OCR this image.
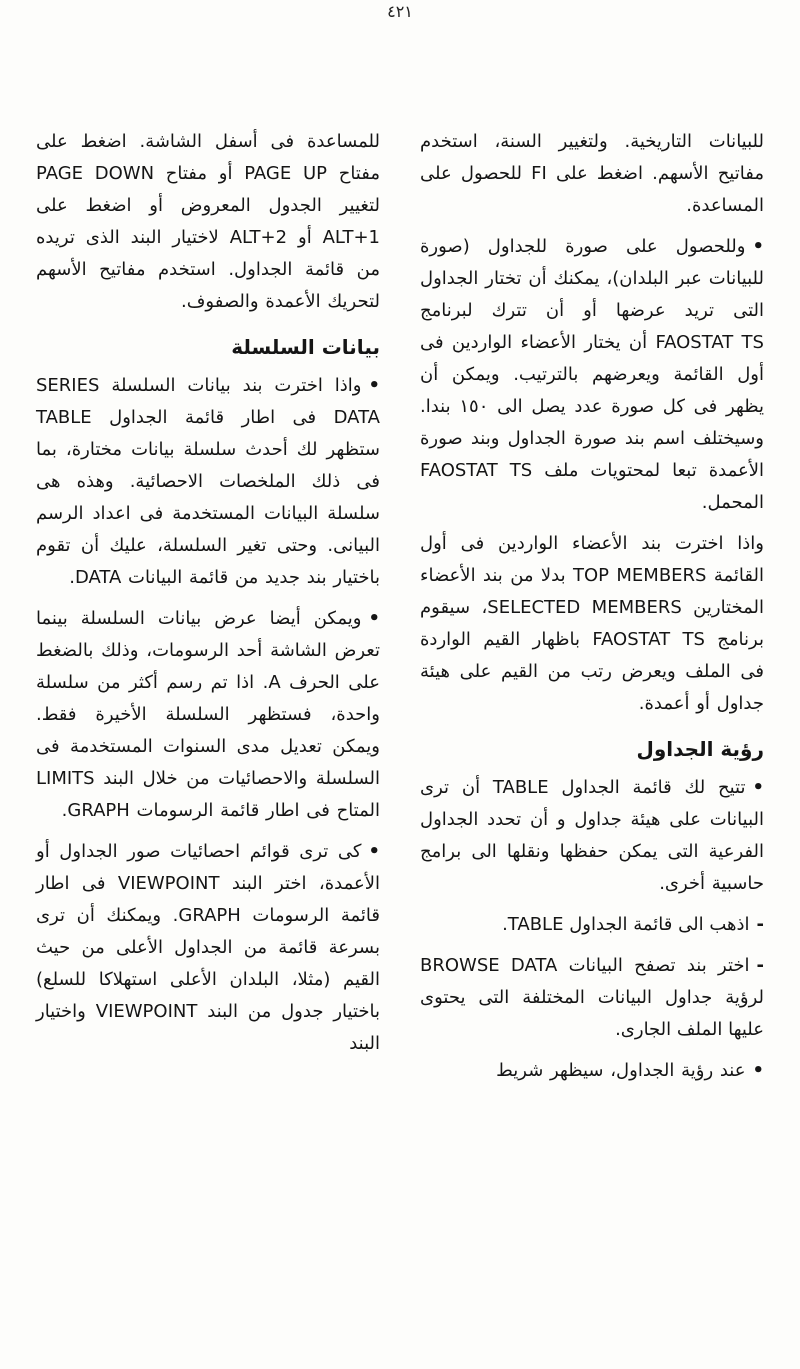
٤٢١

للبيانات التاريخية. ولتغيير السنة، استخدم مفاتيح الأسهم. اضغط على FI للحصول على المساعدة.

•وللحصول على صورة للجداول (صورة للبيانات عبر البلدان)، يمكنك أن تختار الجداول التى تريد عرضها أو أن تترك لبرنامج FAOSTAT TS أن يختار الأعضاء الواردين فى أول القائمة ويعرضهم بالترتيب. ويمكن أن يظهر فى كل صورة عدد يصل الى ١٥٠ بندا. وسيختلف اسم بند صورة الجداول وبند صورة الأعمدة تبعا لمحتويات ملف FAOSTAT TS المحمل.

واذا اخترت بند الأعضاء الواردين فى أول القائمة TOP MEMBERS بدلا من بند الأعضاء المختارين SELECTED MEMBERS، سيقوم برنامج FAOSTAT TS باظهار القيم الواردة فى الملف ويعرض رتب من القيم على هيئة جداول أو أعمدة.

رؤية الجداول

•تتيح لك قائمة الجداول TABLE أن ترى البيانات على هيئة جداول و أن تحدد الجداول الفرعية التى يمكن حفظها ونقلها الى برامج حاسبية أخرى.

-اذهب الى قائمة الجداول TABLE.

-اختر بند تصفح البيانات BROWSE DATA لرؤية جداول البيانات المختلفة التى يحتوى عليها الملف الجارى.

•عند رؤية الجداول، سيظهر شريط

للمساعدة فى أسفل الشاشة. اضغط على مفتاح PAGE UP أو مفتاح PAGE DOWN لتغيير الجدول المعروض أو اضغط على ALT+1 أو ALT+2 لاختيار البند الذى تريده من قائمة الجداول. استخدم مفاتيح الأسهم لتحريك الأعمدة والصفوف.

بيانات السلسلة

•واذا اخترت بند بيانات السلسلة SERIES DATA فى اطار قائمة الجداول TABLE ستظهر لك أحدث سلسلة بيانات مختارة، بما فى ذلك الملخصات الاحصائية. وهذه هى سلسلة البيانات المستخدمة فى اعداد الرسم البيانى. وحتى تغير السلسلة، عليك أن تقوم باختيار بند جديد من قائمة البيانات DATA.

•ويمكن أيضا عرض بيانات السلسلة بينما تعرض الشاشة أحد الرسومات، وذلك بالضغط على الحرف A. اذا تم رسم أكثر من سلسلة واحدة، فستظهر السلسلة الأخيرة فقط. ويمكن تعديل مدى السنوات المستخدمة فى السلسلة والاحصائيات من خلال البند LIMITS المتاح فى اطار قائمة الرسومات GRAPH.

•كى ترى قوائم احصائيات صور الجداول أو الأعمدة، اختر البند VIEWPOINT فى اطار قائمة الرسومات GRAPH. ويمكنك أن ترى بسرعة قائمة من الجداول الأعلى من حيث القيم (مثلا، البلدان الأعلى استهلاكا للسلع) باختيار جدول من البند VIEWPOINT واختيار البند
